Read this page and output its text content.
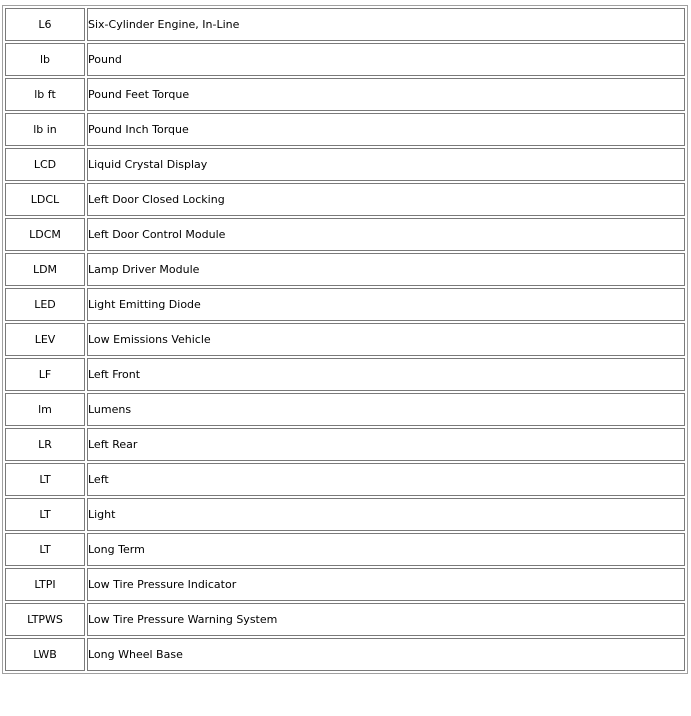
L6	Six-Cylinder Engine, In-Line
lb	Pound
lb ft	Pound Feet Torque
lb in	Pound Inch Torque
LCD	Liquid Crystal Display
LDCL	Left Door Closed Locking
LDCM	Left Door Control Module
LDM	Lamp Driver Module
LED	Light Emitting Diode
LEV	Low Emissions Vehicle
LF	Left Front
lm	Lumens
LR	Left Rear
LT	Left
LT	Light
LT	Long Term
LTPI	Low Tire Pressure Indicator
LTPWS	Low Tire Pressure Warning System
LWB	Long Wheel Base
